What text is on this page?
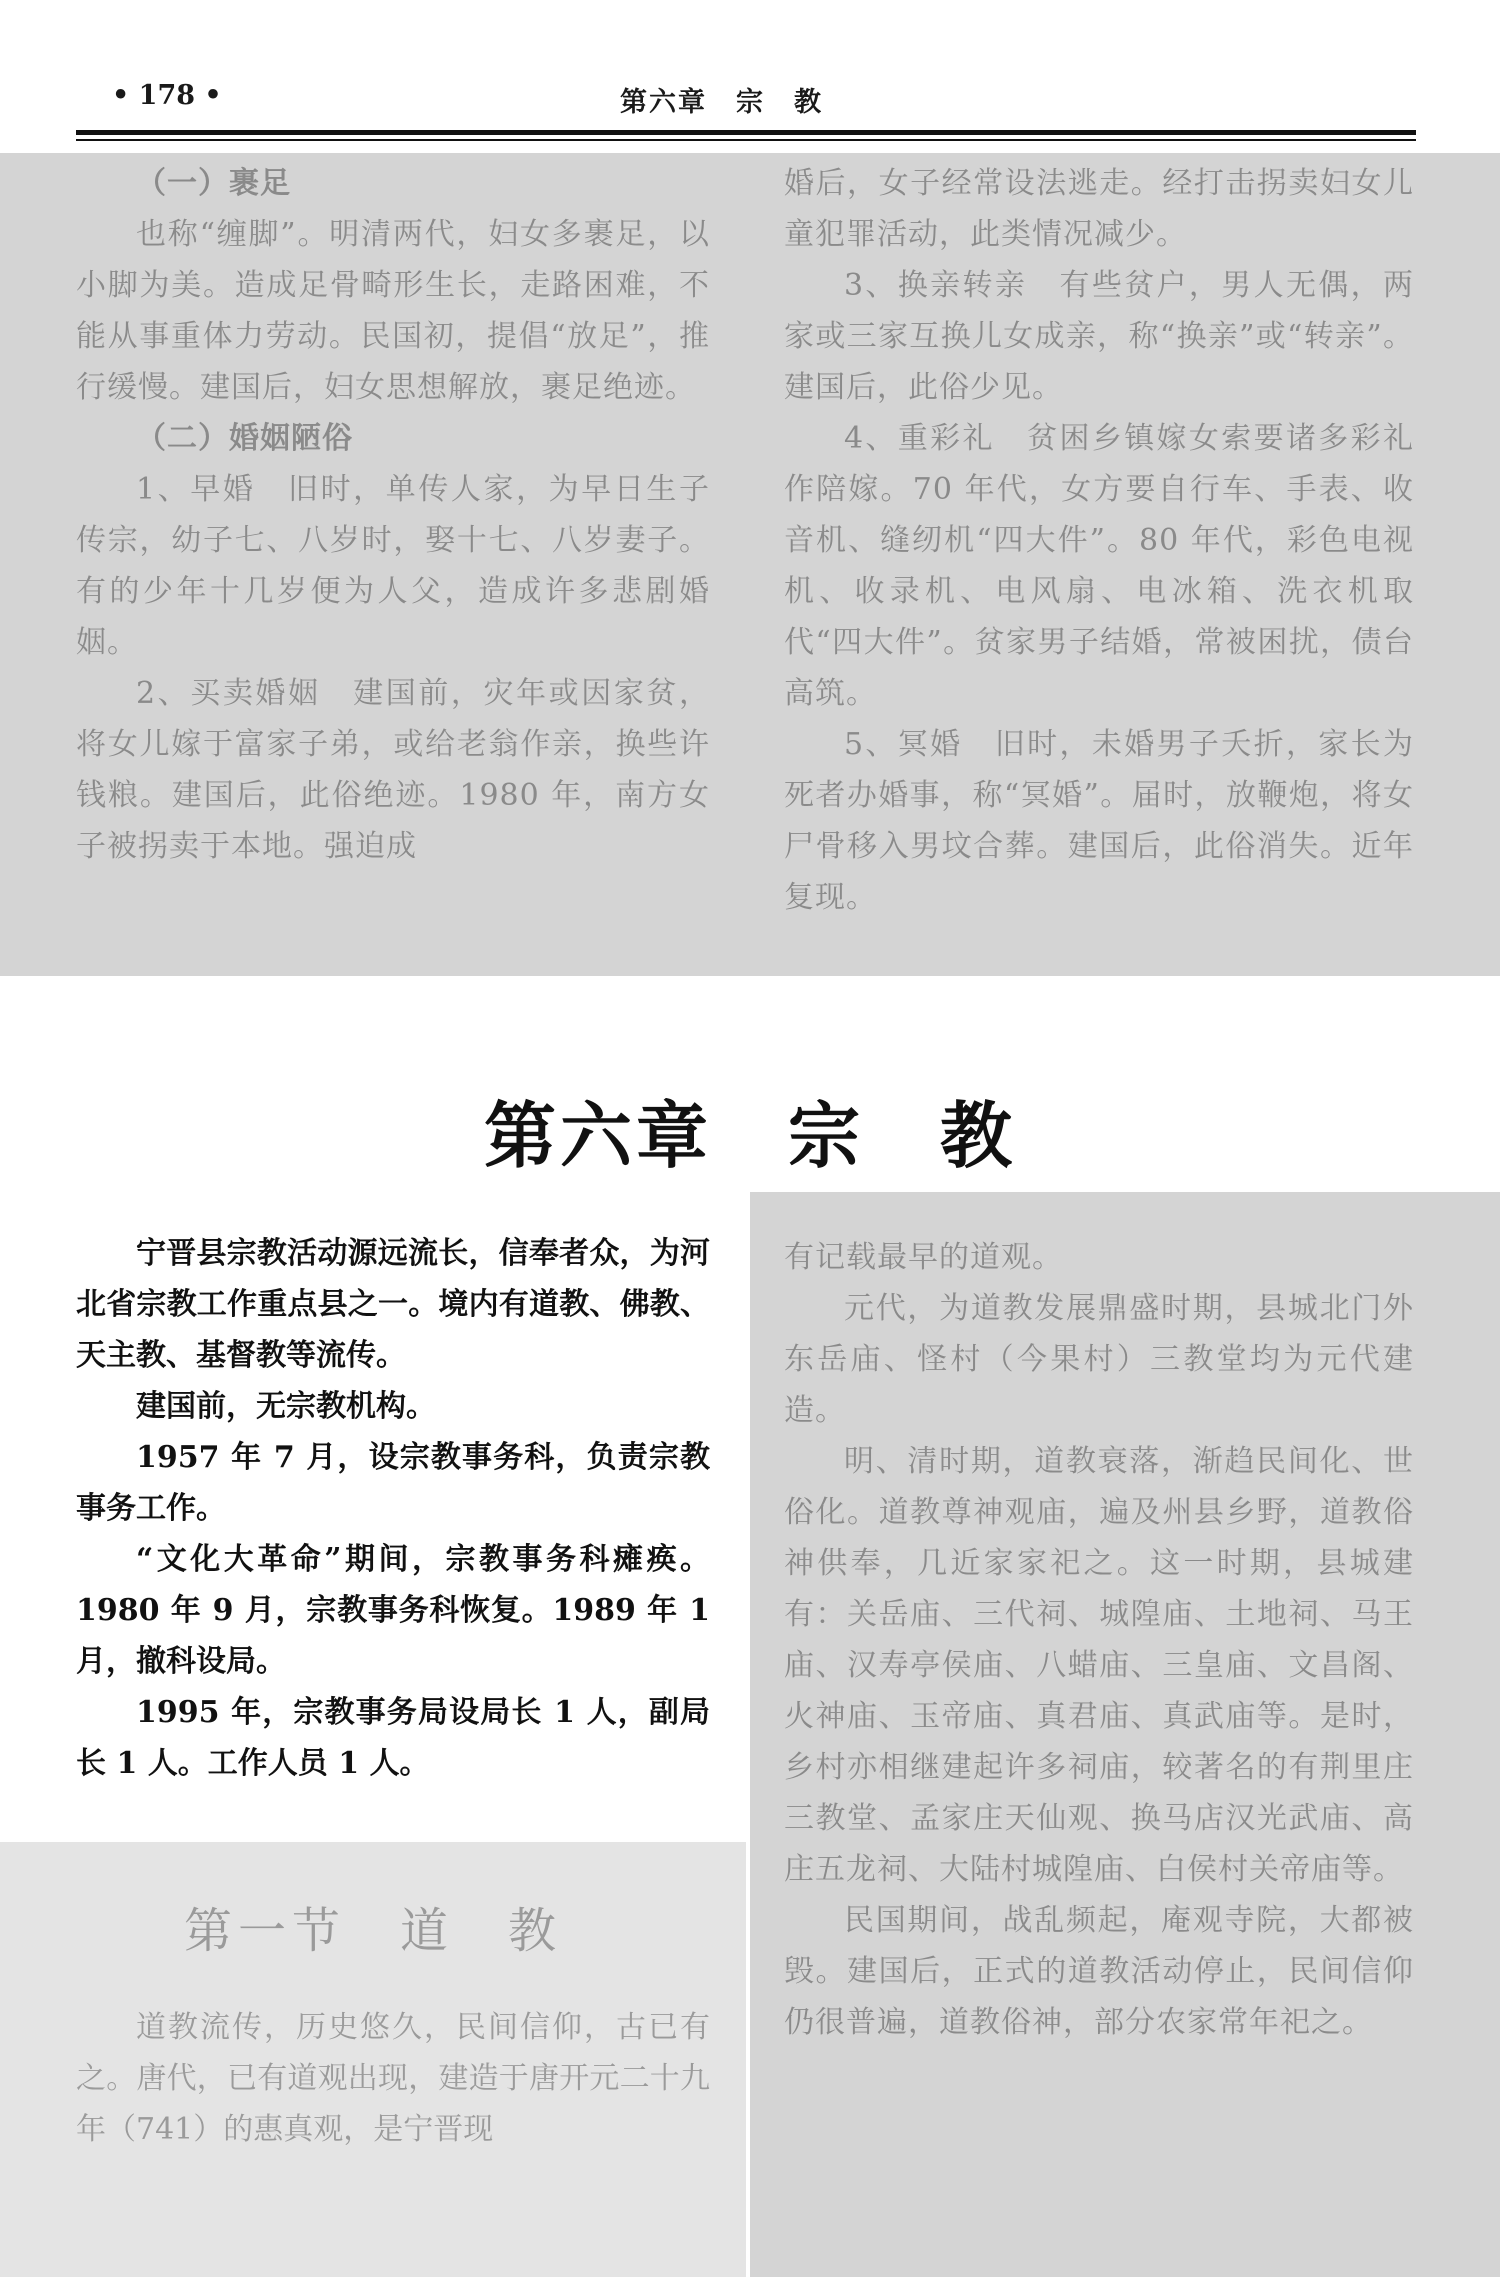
• 178 •	第六章　宗　教

（一）裹足

也称“缠脚”。明清两代，妇女多裹足，以小脚为美。造成足骨畸形生长，走路困难，不能从事重体力劳动。民国初，提倡“放足”，推行缓慢。建国后，妇女思想解放，裹足绝迹。

（二）婚姻陋俗

1、早婚　旧时，单传人家，为早日生子传宗，幼子七、八岁时，娶十七、八岁妻子。有的少年十几岁便为人父，造成许多悲剧婚姻。

2、买卖婚姻　建国前，灾年或因家贫，将女儿嫁于富家子弟，或给老翁作亲，换些许钱粮。建国后，此俗绝迹。1980 年，南方女子被拐卖于本地。强迫成

婚后，女子经常设法逃走。经打击拐卖妇女儿童犯罪活动，此类情况减少。

3、换亲转亲　有些贫户，男人无偶，两家或三家互换儿女成亲，称“换亲”或“转亲”。建国后，此俗少见。

4、重彩礼　贫困乡镇嫁女索要诸多彩礼作陪嫁。70 年代，女方要自行车、手表、收音机、缝纫机“四大件”。80 年代，彩色电视机、收录机、电风扇、电冰箱、洗衣机取代“四大件”。贫家男子结婚，常被困扰，债台高筑。

5、冥婚　旧时，未婚男子夭折，家长为死者办婚事，称“冥婚”。届时，放鞭炮，将女尸骨移入男坟合葬。建国后，此俗消失。近年复现。

第六章　宗　教

宁晋县宗教活动源远流长，信奉者众，为河北省宗教工作重点县之一。境内有道教、佛教、天主教、基督教等流传。

建国前，无宗教机构。

1957 年 7 月，设宗教事务科，负责宗教事务工作。

“文化大革命”期间，宗教事务科瘫痪。1980 年 9 月，宗教事务科恢复。1989 年 1 月，撤科设局。

1995 年，宗教事务局设局长 1 人，副局长 1 人。工作人员 1 人。

第一节　道　教

道教流传，历史悠久，民间信仰，古已有之。唐代，已有道观出现，建造于唐开元二十九年（741）的惠真观，是宁晋现

有记载最早的道观。

元代，为道教发展鼎盛时期，县城北门外东岳庙、怪村（今果村）三教堂均为元代建造。

明、清时期，道教衰落，渐趋民间化、世俗化。道教尊神观庙，遍及州县乡野，道教俗神供奉，几近家家祀之。这一时期，县城建有：关岳庙、三代祠、城隍庙、土地祠、马王庙、汉寿亭侯庙、八蜡庙、三皇庙、文昌阁、火神庙、玉帝庙、真君庙、真武庙等。是时，乡村亦相继建起许多祠庙，较著名的有荆里庄三教堂、孟家庄天仙观、换马店汉光武庙、高庄五龙祠、大陆村城隍庙、白侯村关帝庙等。

民国期间，战乱频起，庵观寺院，大都被毁。建国后，正式的道教活动停止，民间信仰仍很普遍，道教俗神，部分农家常年祀之。
